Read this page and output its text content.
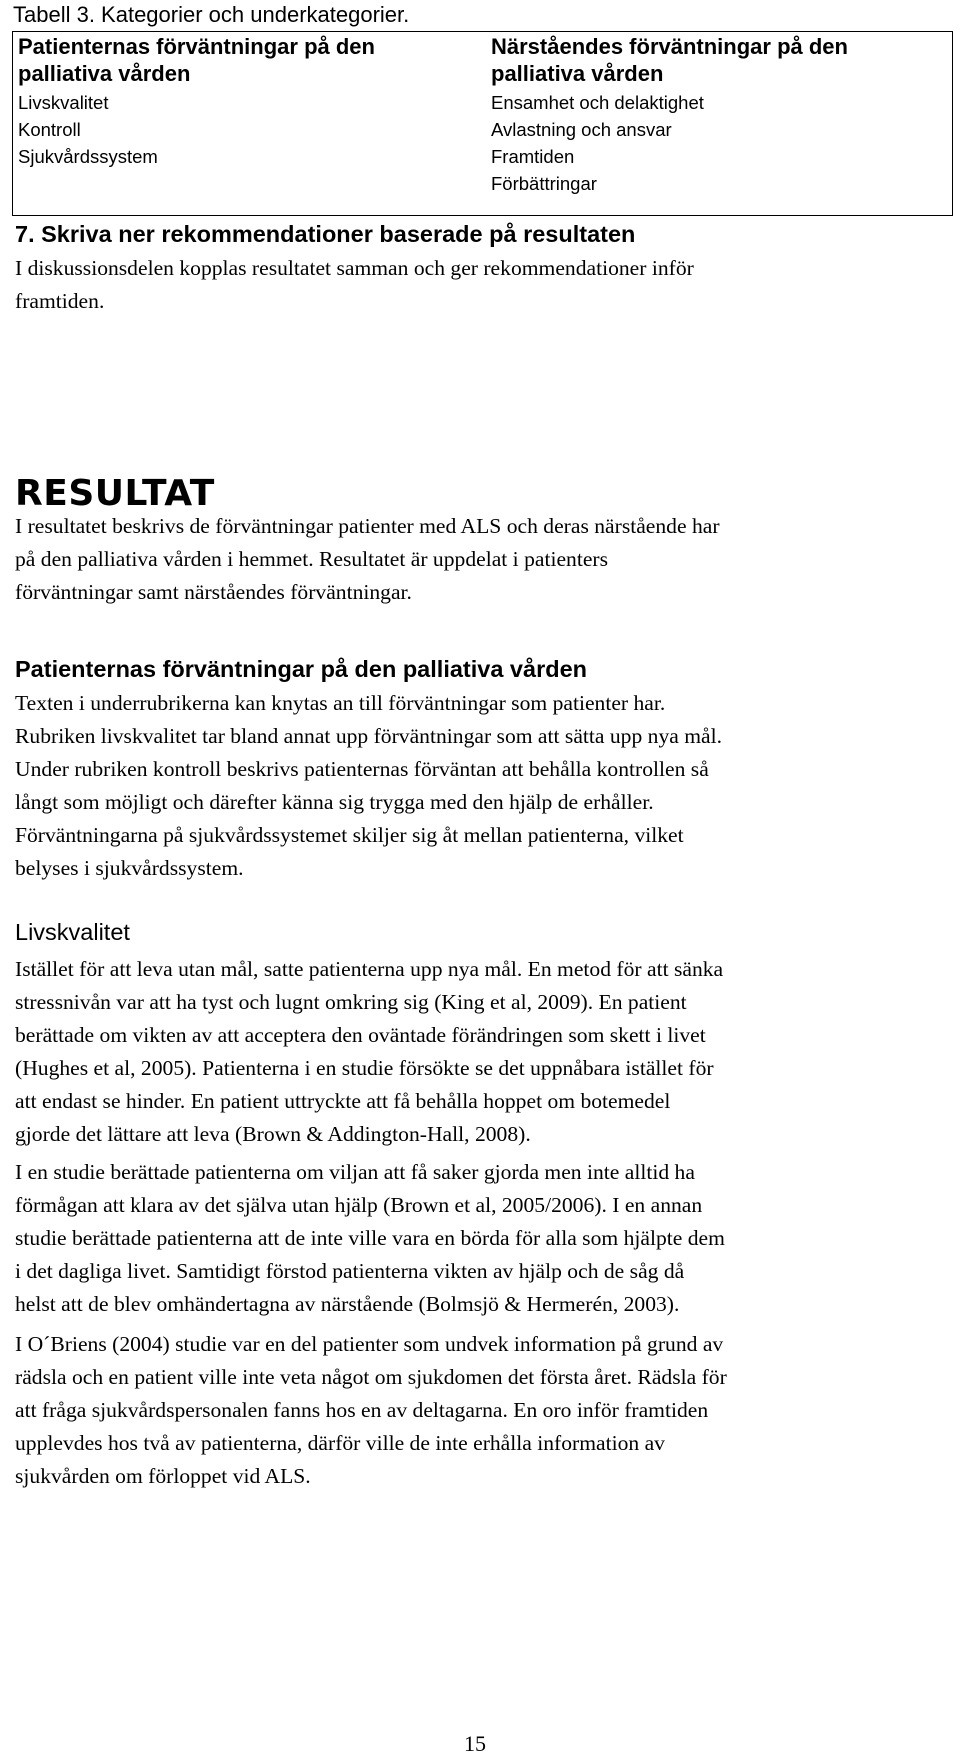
Tabell 3. Kategorier och underkategorier.
Patienternas förväntningar på den
palliativa vården
Livskvalitet
Kontroll
Sjukvårdssystem
Närståendes förväntningar på den
palliativa vården
Ensamhet och delaktighet
Avlastning och ansvar
Framtiden
Förbättringar
7. Skriva ner rekommendationer baserade på resultaten
I diskussionsdelen kopplas resultatet samman och ger rekommendationer inför
framtiden.
RESULTAT
I resultatet beskrivs de förväntningar patienter med ALS och deras närstående har
på den palliativa vården i hemmet. Resultatet är uppdelat i patienters
förväntningar samt närståendes förväntningar.
Patienternas förväntningar på den palliativa vården
Texten i underrubrikerna kan knytas an till förväntningar som patienter har.
Rubriken livskvalitet tar bland annat upp förväntningar som att sätta upp nya mål.
Under rubriken kontroll beskrivs patienternas förväntan att behålla kontrollen så
långt som möjligt och därefter känna sig trygga med den hjälp de erhåller.
Förväntningarna på sjukvårdssystemet skiljer sig åt mellan patienterna, vilket
belyses i sjukvårdssystem.
Livskvalitet
Istället för att leva utan mål, satte patienterna upp nya mål. En metod för att sänka
stressnivån var att ha tyst och lugnt omkring sig (King et al, 2009). En patient
berättade om vikten av att acceptera den oväntade förändringen som skett i livet
(Hughes et al, 2005). Patienterna i en studie försökte se det uppnåbara istället för
att endast se hinder. En patient uttryckte att få behålla hoppet om botemedel
gjorde det lättare att leva (Brown & Addington-Hall, 2008).
I en studie berättade patienterna om viljan att få saker gjorda men inte alltid ha
förmågan att klara av det själva utan hjälp (Brown et al, 2005/2006). I en annan
studie berättade patienterna att de inte ville vara en börda för alla som hjälpte dem
i det dagliga livet. Samtidigt förstod patienterna vikten av hjälp och de såg då
helst att de blev omhändertagna av närstående (Bolmsjö & Hermerén, 2003).
I O´Briens (2004) studie var en del patienter som undvek information på grund av
rädsla och en patient ville inte veta något om sjukdomen det första året. Rädsla för
att fråga sjukvårdspersonalen fanns hos en av deltagarna. En oro inför framtiden
upplevdes hos två av patienterna, därför ville de inte erhålla information av
sjukvården om förloppet vid ALS.
15
